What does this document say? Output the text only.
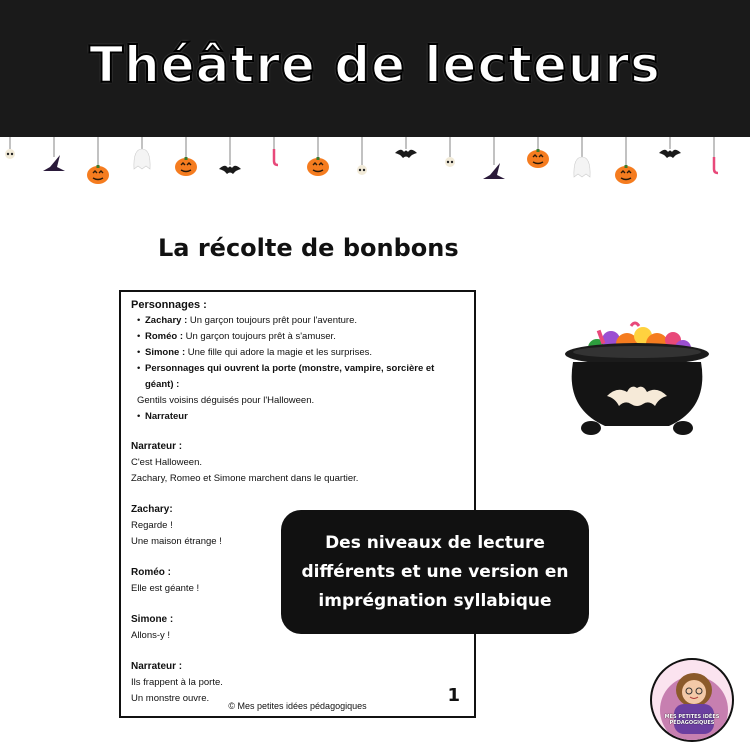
Théâtre de lecteurs
La récolte de bonbons
Personnages :
• Zachary : Un garçon toujours prêt pour l'aventure.
• Roméo : Un garçon toujours prêt à s'amuser.
• Simone : Une fille qui adore la magie et les surprises.
• Personnages qui ouvrent la porte (monstre, vampire, sorcière et géant) :
Gentils voisins déguisés pour l'Halloween.
• Narrateur
Narrateur :
C'est Halloween.
Zachary, Romeo et Simone marchent dans le quartier.
Zachary:
Regarde !
Une maison étrange !
Roméo :
Elle est géante !
Simone :
Allons-y !
Narrateur :
Ils frappent à la porte.
Un monstre ouvre.	1
© Mes petites idées pédagogiques
Des niveaux de lecture différents et une version en imprégnation syllabique
MES PETITES IDÉES PÉDAGOGIQUES
